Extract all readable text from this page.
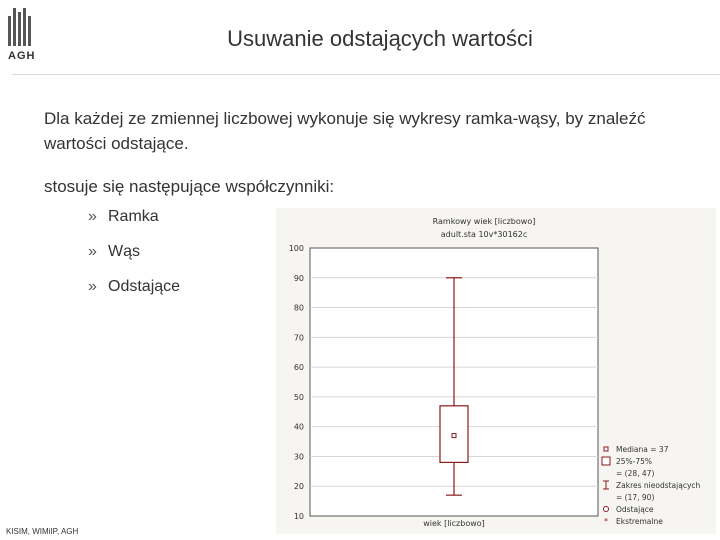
AGH
Usuwanie odstających wartości

Dla każdej ze zmiennej liczbowej wykonuje się wykresy ramka-wąsy, by znaleźć wartości odstające.

stosuje się następujące współczynniki:

» Ramka
» Wąs
» Odstające
10
20
30
40
50
60
70
80
90
100
Ramkowy wiek [liczbowo]
adult.sta 10v*30162c
wiek [liczbowo]
Mediana = 37
25%-75%
= (28, 47)
Zakres nieodstających
= (17, 90)
Odstające
* Ekstremalne
KISIM, WIMiIP, AGH
